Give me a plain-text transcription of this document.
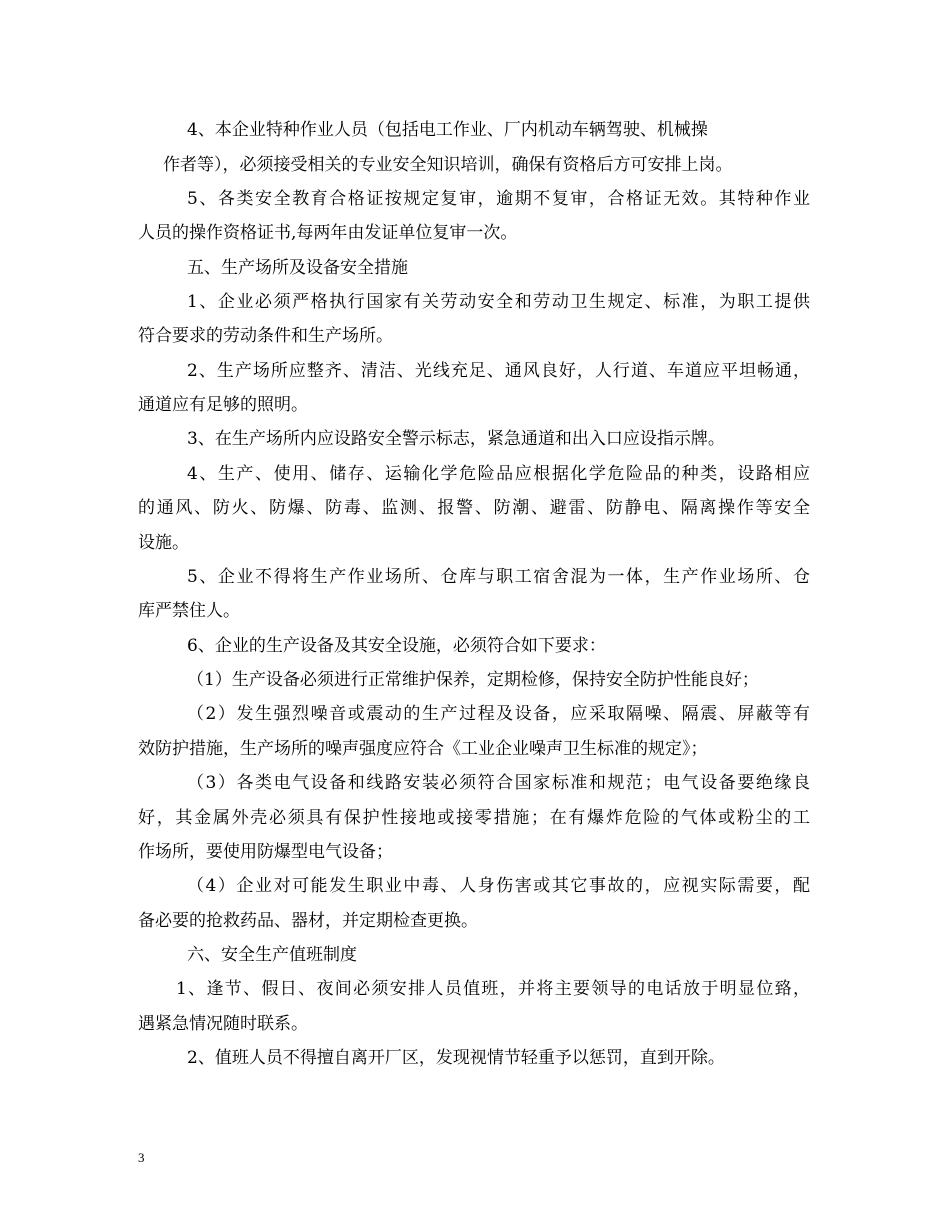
4、本企业特种作业人员（包括电工作业、厂内机动车辆驾驶、机械操
作者等），必须接受相关的专业安全知识培训，确保有资格后方可安排上岗。
5、各类安全教育合格证按规定复审，逾期不复审，合格证无效。其特种作业
人员的操作资格证书,每两年由发证单位复审一次。
五、生产场所及设备安全措施
1、企业必须严格执行国家有关劳动安全和劳动卫生规定、标准，为职工提供
符合要求的劳动条件和生产场所。
2、生产场所应整齐、清洁、光线充足、通风良好，人行道、车道应平坦畅通，
通道应有足够的照明。
3、在生产场所内应设路安全警示标志，紧急通道和出入口应设指示牌。
4、生产、使用、储存、运输化学危险品应根据化学危险品的种类，设路相应
的通风、防火、防爆、防毒、监测、报警、防潮、避雷、防静电、隔离操作等安全
设施。
5、企业不得将生产作业场所、仓库与职工宿舍混为一体，生产作业场所、仓
库严禁住人。
6、企业的生产设备及其安全设施，必须符合如下要求：
（1）生产设备必须进行正常维护保养，定期检修，保持安全防护性能良好；
（2）发生强烈噪音或震动的生产过程及设备，应采取隔噪、隔震、屏蔽等有
效防护措施，生产场所的噪声强度应符合《工业企业噪声卫生标准的规定》；
（3）各类电气设备和线路安装必须符合国家标准和规范；电气设备要绝缘良
好，其金属外壳必须具有保护性接地或接零措施；在有爆炸危险的气体或粉尘的工
作场所，要使用防爆型电气设备；
（4）企业对可能发生职业中毒、人身伤害或其它事故的，应视实际需要，配
备必要的抢救药品、器材，并定期检查更换。
六、安全生产值班制度
1、逢节、假日、夜间必须安排人员值班，并将主要领导的电话放于明显位臵，
遇紧急情况随时联系。
2、值班人员不得擅自离开厂区，发现视情节轻重予以惩罚，直到开除。
3
